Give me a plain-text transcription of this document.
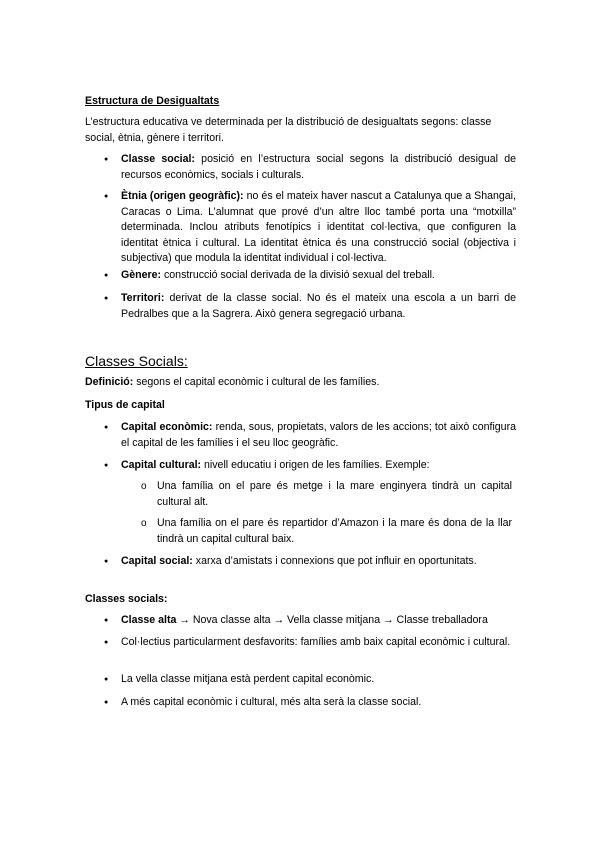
Estructura de Desigualtats
L’estructura educativa ve determinada per la distribució de desigualtats segons: classe social, ètnia, gènere i territori.
● Classe social: posició en l’estructura social segons la distribució desigual de recursos econòmics, socials i culturals.
● Ètnia (origen geogràfic): no és el mateix haver nascut a Catalunya que a Shangai, Caracas o Lima. L’alumnat que prové d’un altre lloc també porta una “motxilla” determinada. Inclou atributs fenotípics i identitat col·lectiva, que configuren la identitat ètnica i cultural. La identitat ètnica és una construcció social (objectiva i subjectiva) que modula la identitat individual i col·lectiva.
● Gènere: construcció social derivada de la divisió sexual del treball.
● Territori: derivat de la classe social. No és el mateix una escola a un barri de Pedralbes que a la Sagrera. Això genera segregació urbana.
Classes Socials:
Definició: segons el capital econòmic i cultural de les famílies.
Tipus de capital
● Capital econòmic: renda, sous, propietats, valors de les accions; tot això configura el capital de les famílies i el seu lloc geogràfic.
● Capital cultural: nivell educatiu i origen de les famílies. Exemple:
o Una família on el pare és metge i la mare enginyera tindrà un capital cultural alt.
o Una família on el pare és repartidor d’Amazon i la mare és dona de la llar tindrà un capital cultural baix.
● Capital social: xarxa d’amistats i connexions que pot influir en oportunitats.
Classes socials:
● Classe alta → Nova classe alta → Vella classe mitjana → Classe treballadora
● Col·lectius particularment desfavorits: famílies amb baix capital econòmic i cultural.
● La vella classe mitjana està perdent capital econòmic.
● A més capital econòmic i cultural, més alta serà la classe social.
